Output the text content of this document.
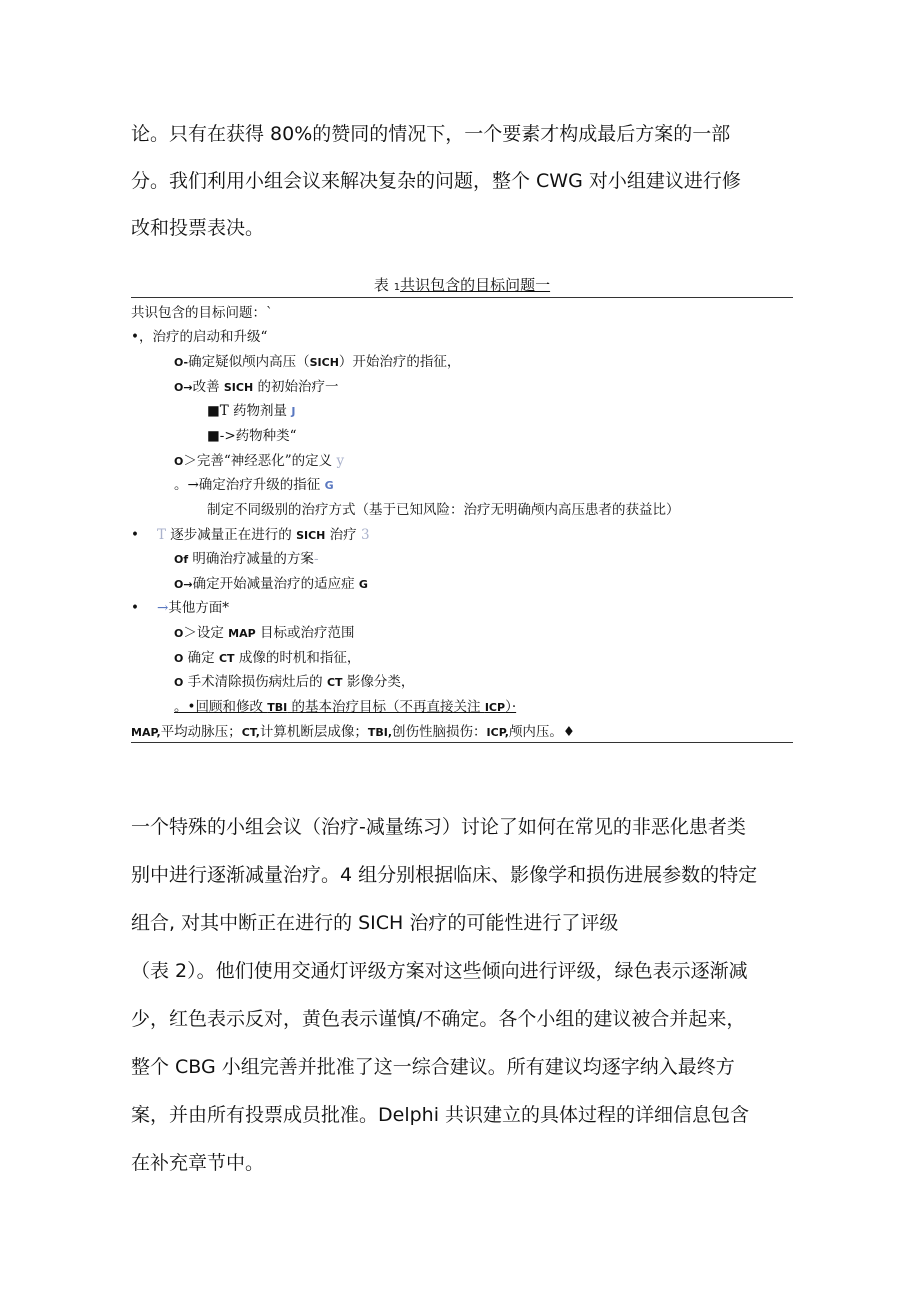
论。只有在获得 80%的赞同的情况下，一个要素才构成最后方案的一部
分。我们利用小组会议来解决复杂的问题，整个 CWG 对小组建议进行修
改和投票表决。
表 1共识包含的目标问题一
共识包含的目标问题：`
•，治疗的启动和升级“
O-确定疑似颅内高压（SICH）开始治疗的指征，
O→改善 SICH 的初始治疗一
■T 药物剂量 J
■->药物种类“
O＞完善“神经恶化”的定义 y
。→确定治疗升级的指征 G
制定不同级别的治疗方式（基于已知风险：治疗无明确颅内高压患者的获益比）
• T 逐步减量正在进行的 SICH 治疗 3
Of 明确治疗减量的方案-
O→确定开始减量治疗的适应症 G
• →其他方面*
O＞设定 MAP 目标或治疗范围
O 确定 CT 成像的时机和指征，
O 手术清除损伤病灶后的 CT 影像分类，
。•回顾和修改 TBI 的基本治疗目标（不再直接关注 ICP）·
MAP,平均动脉压；CT,计算机断层成像；TBI,创伤性脑损伤：ICP,颅内压。♦
一个特殊的小组会议（治疗-减量练习）讨论了如何在常见的非恶化患者类
别中进行逐渐减量治疗。4 组分别根据临床、影像学和损伤进展参数的特定
组合, 对其中断正在进行的 SICH 治疗的可能性进行了评级
（表 2）。他们使用交通灯评级方案对这些倾向进行评级，绿色表示逐渐减
少，红色表示反对，黄色表示谨慎/不确定。各个小组的建议被合并起来，
整个 CBG 小组完善并批准了这一综合建议。所有建议均逐字纳入最终方
案，并由所有投票成员批准。Delphi 共识建立的具体过程的详细信息包含
在补充章节中。
